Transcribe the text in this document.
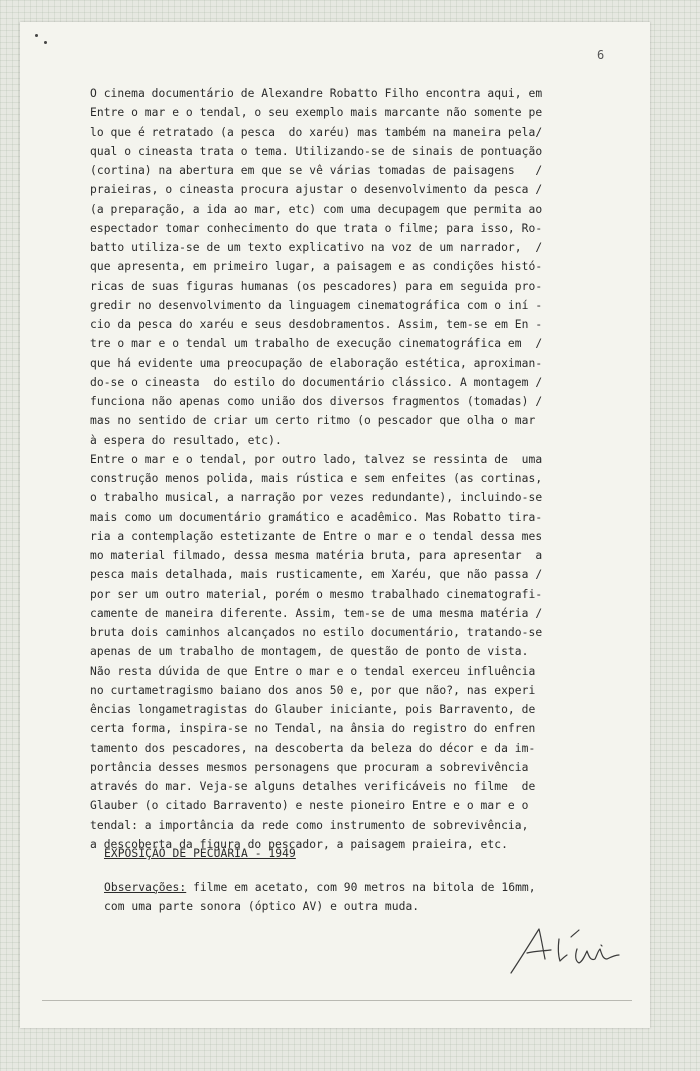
6
O cinema documentário de Alexandre Robatto Filho encontra aqui, em
Entre o mar e o tendal, o seu exemplo mais marcante não somente pe
lo que é retratado (a pesca  do xaréu) mas também na maneira pela/
qual o cineasta trata o tema. Utilizando-se de sinais de pontuação
(cortina) na abertura em que se vê várias tomadas de paisagens   /
praieiras, o cineasta procura ajustar o desenvolvimento da pesca /
(a preparação, a ida ao mar, etc) com uma decupagem que permita ao
espectador tomar conhecimento do que trata o filme; para isso, Ro-
batto utiliza-se de um texto explicativo na voz de um narrador,  /
que apresenta, em primeiro lugar, a paisagem e as condições histó-
ricas de suas figuras humanas (os pescadores) para em seguida pro-
gredir no desenvolvimento da linguagem cinematográfica com o iní -
cio da pesca do xaréu e seus desdobramentos. Assim, tem-se em En -
tre o mar e o tendal um trabalho de execução cinematográfica em  /
que há evidente uma preocupação de elaboração estética, aproximan-
do-se o cineasta  do estilo do documentário clássico. A montagem /
funciona não apenas como união dos diversos fragmentos (tomadas) /
mas no sentido de criar um certo ritmo (o pescador que olha o mar
à espera do resultado, etc).
Entre o mar e o tendal, por outro lado, talvez se ressinta de  uma
construção menos polida, mais rústica e sem enfeites (as cortinas,
o trabalho musical, a narração por vezes redundante), incluindo-se
mais como um documentário gramático e acadêmico. Mas Robatto tira-
ria a contemplação estetizante de Entre o mar e o tendal dessa mes
mo material filmado, dessa mesma matéria bruta, para apresentar  a
pesca mais detalhada, mais rusticamente, em Xaréu, que não passa /
por ser um outro material, porém o mesmo trabalhado cinematografi-
camente de maneira diferente. Assim, tem-se de uma mesma matéria /
bruta dois caminhos alcançados no estilo documentário, tratando-se
apenas de um trabalho de montagem, de questão de ponto de vista.
Não resta dúvida de que Entre o mar e o tendal exerceu influência
no curtametragismo baiano dos anos 50 e, por que não?, nas experi
ências longametragistas do Glauber iniciante, pois Barravento, de
certa forma, inspira-se no Tendal, na ânsia do registro do enfren
tamento dos pescadores, na descoberta da beleza do décor e da im-
portância desses mesmos personagens que procuram a sobrevivência
através do mar. Veja-se alguns detalhes verificáveis no filme  de
Glauber (o citado Barravento) e neste pioneiro Entre e o mar e o
tendal: a importância da rede como instrumento de sobrevivência,
a descoberta da figura do pescador, a paisagem praieira, etc.
EXPOSIÇÃO DE PECUÁRIA - 1949
Observações: filme em acetato, com 90 metros na bitola de 16mm,
com uma parte sonora (óptico AV) e outra muda.
